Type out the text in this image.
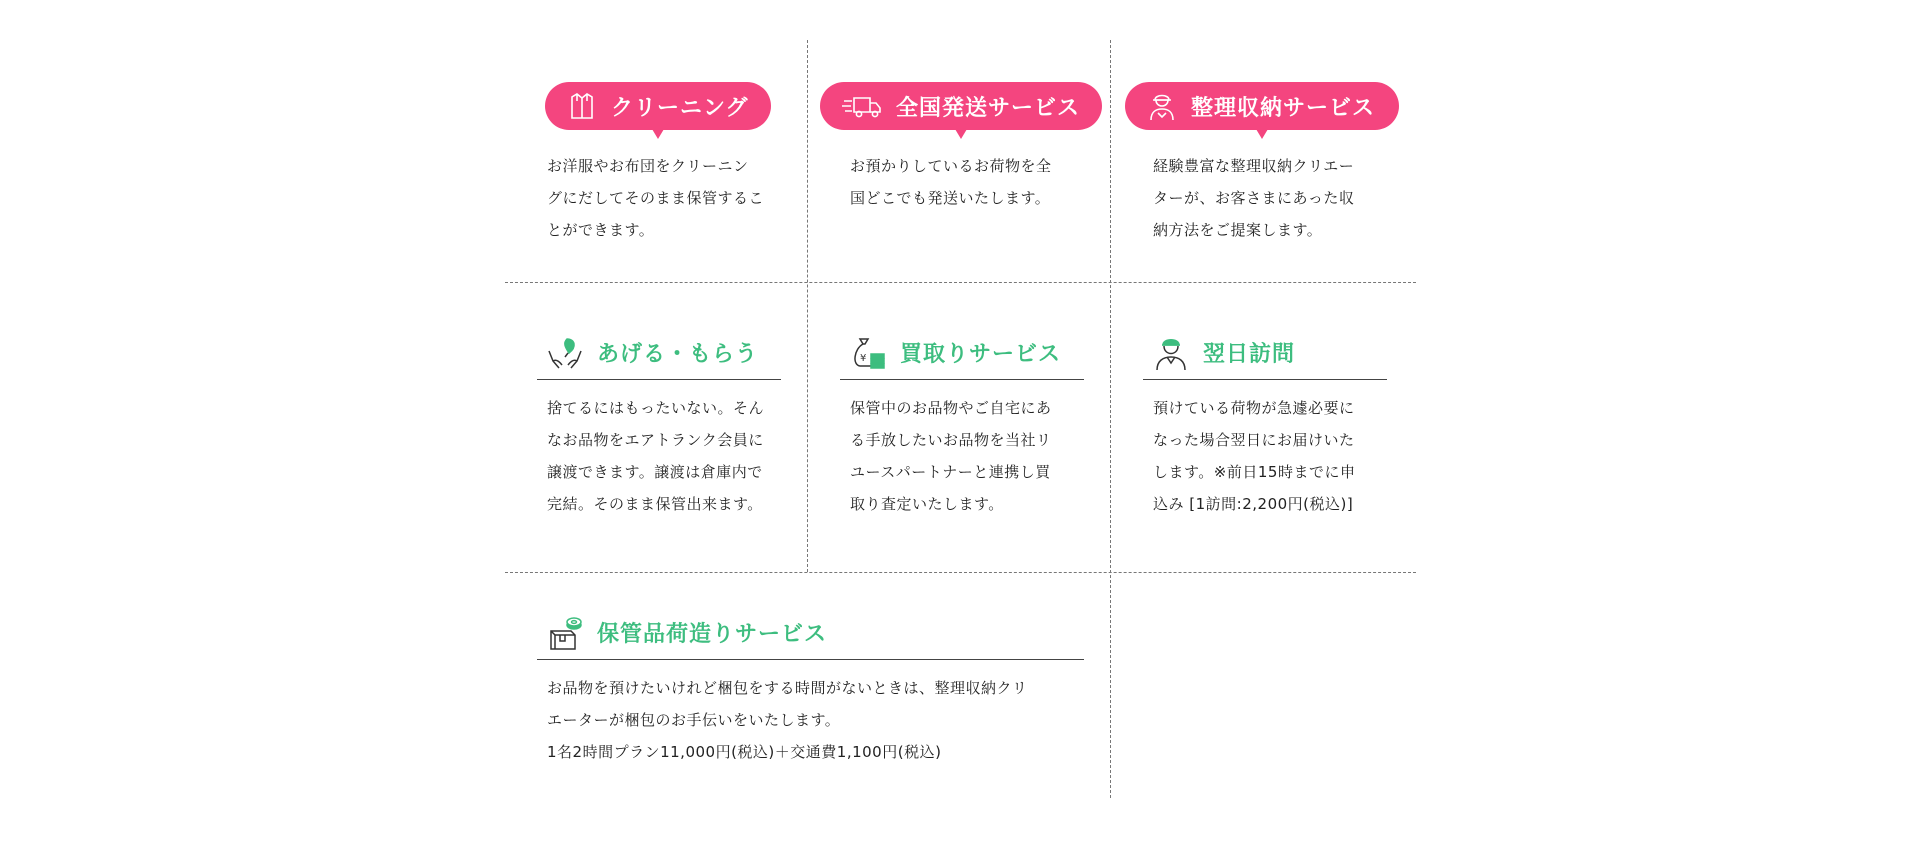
クリーニング
お洋服やお布団をクリーニン
グにだしてそのまま保管するこ
とができます。
全国発送サービス
お預かりしているお荷物を全
国どこでも発送いたします。
整理収納サービス
経験豊富な整理収納クリエー
ターが、お客さまにあった収
納方法をご提案します。
あげる・もらう
捨てるにはもったいない。そん
なお品物をエアトランク会員に
譲渡できます。譲渡は倉庫内で
完結。そのまま保管出来ます。
¥ 買取りサービス
保管中のお品物やご自宅にあ
る手放したいお品物を当社リ
ユースパートナーと連携し買
取り査定いたします。
翌日訪問
預けている荷物が急遽必要に
なった場合翌日にお届けいた
します。※前日15時までに申
込み [1訪問:2,200円(税込)]
保管品荷造りサービス
お品物を預けたいけれど梱包をする時間がないときは、整理収納クリ
エーターが梱包のお手伝いをいたします。
1名2時間プラン11,000円(税込)＋交通費1,100円(税込)
